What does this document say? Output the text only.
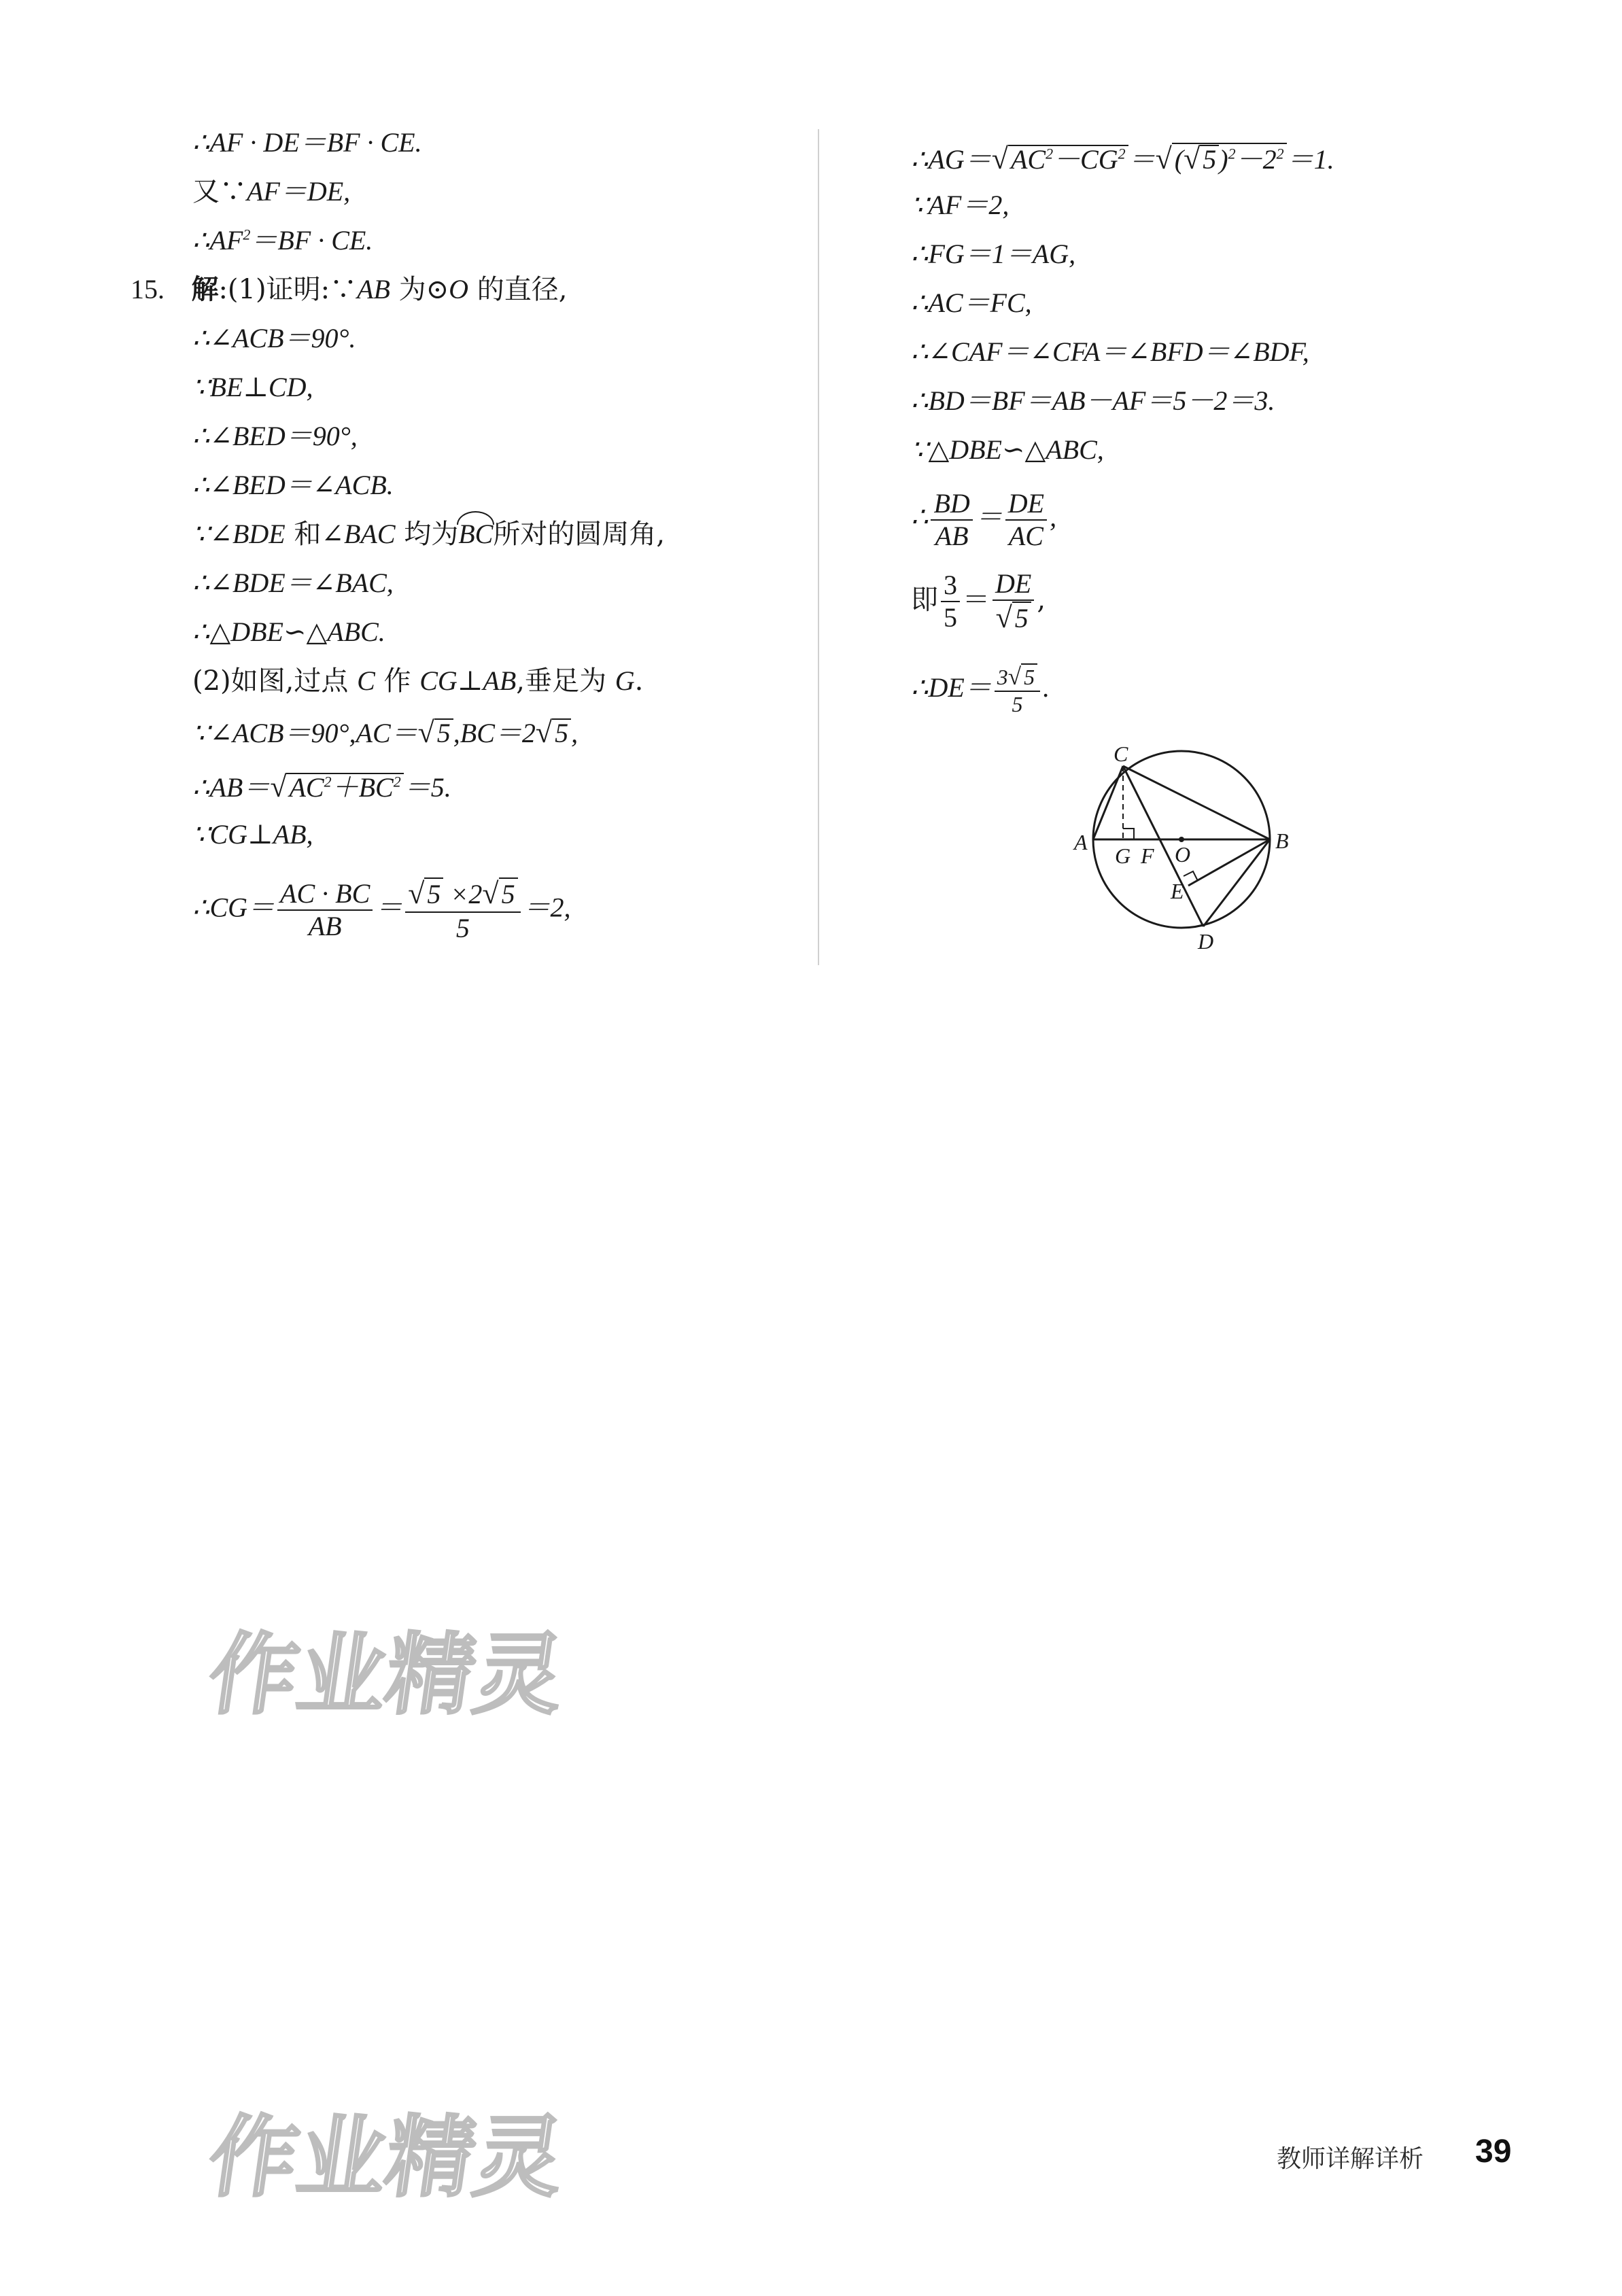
∴AF · DE＝BF · CE.
又∵AF＝DE,
$\therefore AF^2=BF$ · CE.
15. 解:(1)证明:∵AB 为⊙O 的直径,
∴∠ACB＝90°.
∵BE⊥CD,
∴∠BED＝90°,
∴∠BED＝∠ACB.
∵∠BDE 和∠BAC 均为BC所对的圆周角,
∴∠BDE＝∠BAC,
∴△DBE∽△ABC.
(2)如图,过点 C 作 CG⊥AB,垂足为 G.
∵∠ACB＝90°,AC＝√ 5 ,BC＝2√ 5 ,
∴AB＝√ $AC^2+BC^2 =5$.
∵CG⊥AB,
∴CG＝ $\frac{AC \cdot BC}{AB} = \frac{√ 5 \times 2√ 5}{5} =2$,
∴AG＝√ $AC^2-CG^2$ ＝√ (√ 5 )$^2-2^2 =1$.
∵AF＝2,
∴FG＝1＝AG,
∴AC＝FC,
∴∠CAF＝∠CFA＝∠BFD＝∠BDF,
∴BD＝BF＝AB－AF＝5－2＝3.
∵△DBE∽△ABC,
∴ $\frac{BD}{AB} = \frac{DE}{AC}$ ,
即 $\frac{3}{5} = \frac{DE}{√ 5}$ ,
∴DE＝ $\frac{3√ 5}{5}$ .
C
A
G F O
B
E
D
作业精灵
作业精灵	教师详解详析 39
